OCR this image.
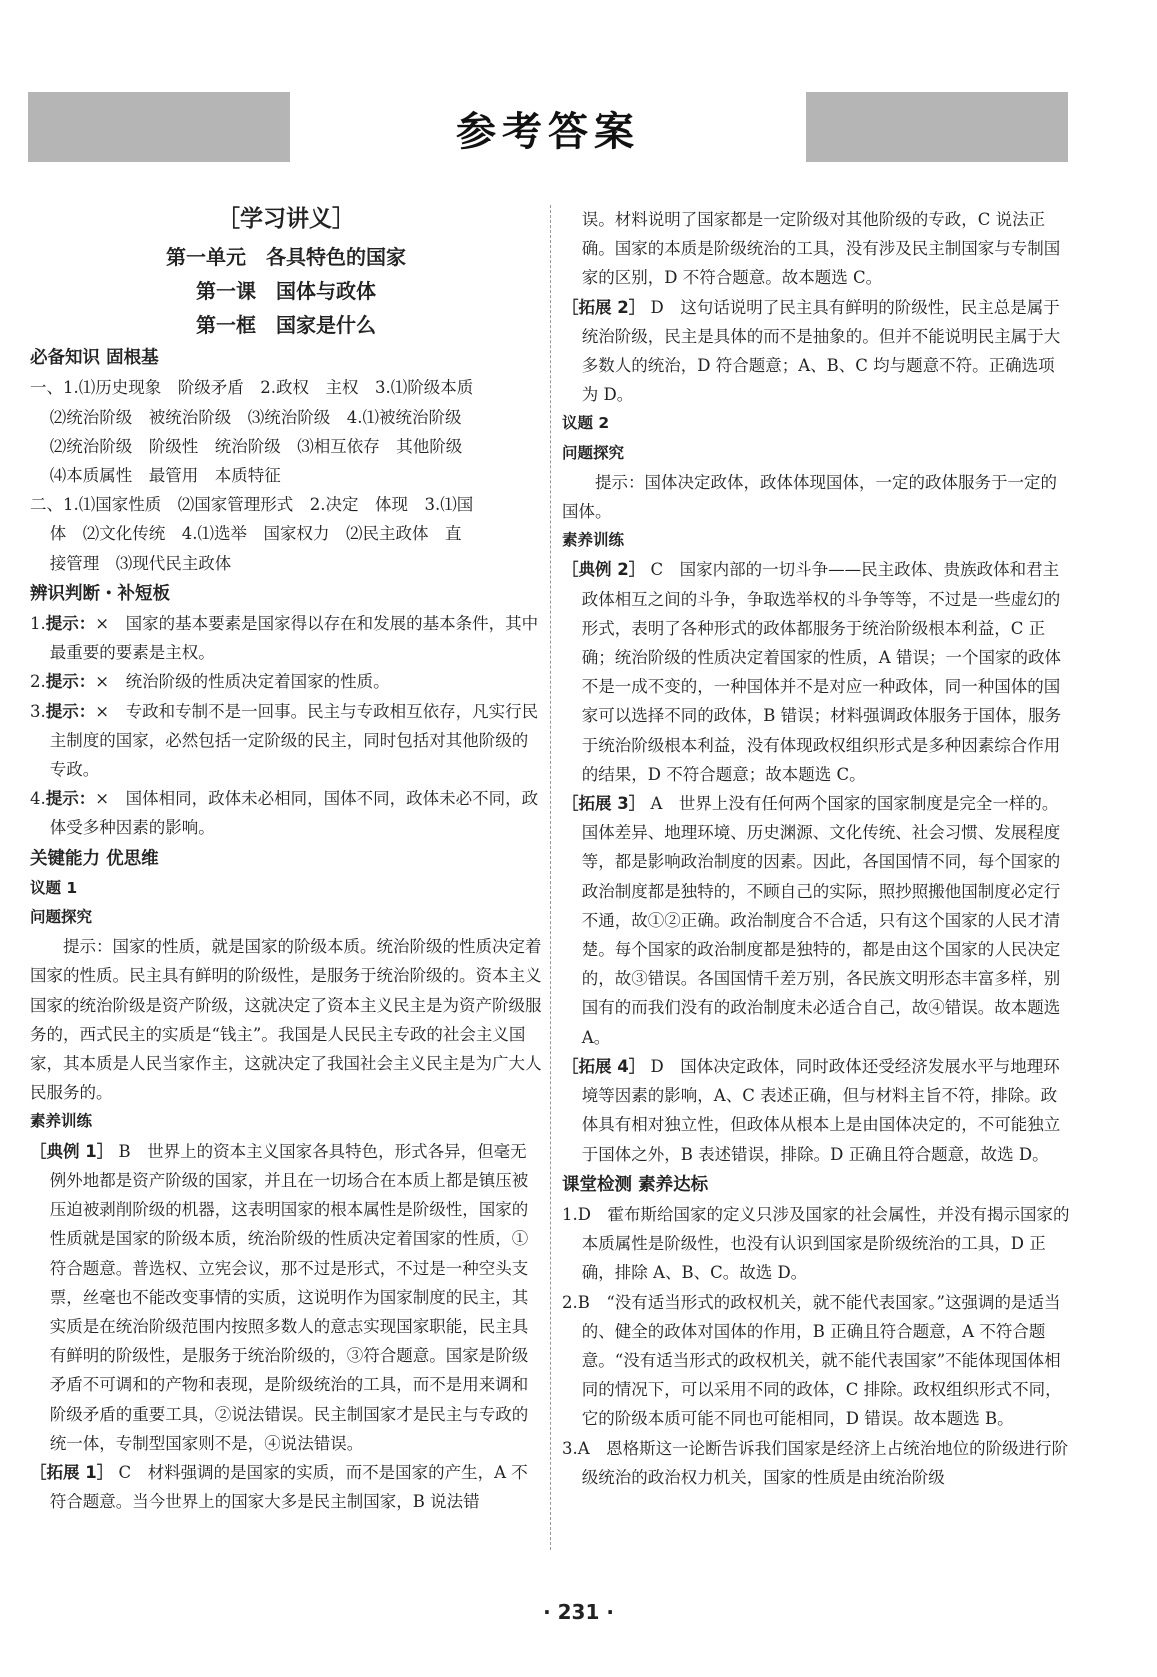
参考答案

［学习讲义］

第一单元　各具特色的国家

第一课　国体与政体

第一框　国家是什么

必备知识 固根基

一、1.⑴历史现象　阶级矛盾　2.政权　主权　3.⑴阶级本质

⑵统治阶级　被统治阶级　⑶统治阶级　4.⑴被统治阶级

⑵统治阶级　阶级性　统治阶级　⑶相互依存　其他阶级

⑷本质属性　最管用　本质特征

二、1.⑴国家性质　⑵国家管理形式　2.决定　体现　3.⑴国

体　⑵文化传统　4.⑴选举　国家权力　⑵民主政体　直

接管理　⑶现代民主政体

辨识判断・补短板

1.提示：×　国家的基本要素是国家得以存在和发展的基本条件，其中最重要的要素是主权。

2.提示：×　统治阶级的性质决定着国家的性质。

3.提示：×　专政和专制不是一回事。民主与专政相互依存，凡实行民主制度的国家，必然包括一定阶级的民主，同时包括对其他阶级的专政。

4.提示：×　国体相同，政体未必相同，国体不同，政体未必不同，政体受多种因素的影响。

关键能力 优思维

议题 1

问题探究

提示：国家的性质，就是国家的阶级本质。统治阶级的性质决定着国家的性质。民主具有鲜明的阶级性，是服务于统治阶级的。资本主义国家的统治阶级是资产阶级，这就决定了资本主义民主是为资产阶级服务的，西式民主的实质是“钱主”。我国是人民民主专政的社会主义国家，其本质是人民当家作主，这就决定了我国社会主义民主是为广大人民服务的。

素养训练

［典例 1］ B　世界上的资本主义国家各具特色，形式各异，但毫无例外地都是资产阶级的国家，并且在一切场合在本质上都是镇压被压迫被剥削阶级的机器，这表明国家的根本属性是阶级性，国家的性质就是国家的阶级本质，统治阶级的性质决定着国家的性质，①符合题意。普选权、立宪会议，那不过是形式，不过是一种空头支票，丝毫也不能改变事情的实质，这说明作为国家制度的民主，其实质是在统治阶级范围内按照多数人的意志实现国家职能，民主具有鲜明的阶级性，是服务于统治阶级的，③符合题意。国家是阶级矛盾不可调和的产物和表现，是阶级统治的工具，而不是用来调和阶级矛盾的重要工具，②说法错误。民主制国家才是民主与专政的统一体，专制型国家则不是，④说法错误。

［拓展 1］ C　材料强调的是国家的实质，而不是国家的产生，A 不符合题意。当今世界上的国家大多是民主制国家，B 说法错

误。材料说明了国家都是一定阶级对其他阶级的专政，C 说法正确。国家的本质是阶级统治的工具，没有涉及民主制国家与专制国家的区别，D 不符合题意。故本题选 C。

［拓展 2］ D　这句话说明了民主具有鲜明的阶级性，民主总是属于统治阶级，民主是具体的而不是抽象的。但并不能说明民主属于大多数人的统治，D 符合题意；A、B、C 均与题意不符。正确选项为 D。

议题 2

问题探究

提示：国体决定政体，政体体现国体，一定的政体服务于一定的国体。

素养训练

［典例 2］ C　国家内部的一切斗争——民主政体、贵族政体和君主政体相互之间的斗争，争取选举权的斗争等等，不过是一些虚幻的形式，表明了各种形式的政体都服务于统治阶级根本利益，C 正确；统治阶级的性质决定着国家的性质，A 错误；一个国家的政体不是一成不变的，一种国体并不是对应一种政体，同一种国体的国家可以选择不同的政体，B 错误；材料强调政体服务于国体，服务于统治阶级根本利益，没有体现政权组织形式是多种因素综合作用的结果，D 不符合题意；故本题选 C。

［拓展 3］ A　世界上没有任何两个国家的国家制度是完全一样的。国体差异、地理环境、历史渊源、文化传统、社会习惯、发展程度等，都是影响政治制度的因素。因此，各国国情不同，每个国家的政治制度都是独特的，不顾自己的实际，照抄照搬他国制度必定行不通，故①②正确。政治制度合不合适，只有这个国家的人民才清楚。每个国家的政治制度都是独特的，都是由这个国家的人民决定的，故③错误。各国国情千差万别，各民族文明形态丰富多样，别国有的而我们没有的政治制度未必适合自己，故④错误。故本题选 A。

［拓展 4］ D　国体决定政体，同时政体还受经济发展水平与地理环境等因素的影响，A、C 表述正确，但与材料主旨不符，排除。政体具有相对独立性，但政体从根本上是由国体决定的，不可能独立于国体之外，B 表述错误，排除。D 正确且符合题意，故选 D。

课堂检测 素养达标

1.D　霍布斯给国家的定义只涉及国家的社会属性，并没有揭示国家的本质属性是阶级性，也没有认识到国家是阶级统治的工具，D 正确，排除 A、B、C。故选 D。

2.B　“没有适当形式的政权机关，就不能代表国家。”这强调的是适当的、健全的政体对国体的作用，B 正确且符合题意，A 不符合题意。“没有适当形式的政权机关，就不能代表国家”不能体现国体相同的情况下，可以采用不同的政体，C 排除。政权组织形式不同，它的阶级本质可能不同也可能相同，D 错误。故本题选 B。

3.A　恩格斯这一论断告诉我们国家是经济上占统治地位的阶级进行阶级统治的政治权力机关，国家的性质是由统治阶级

· 231 ·
